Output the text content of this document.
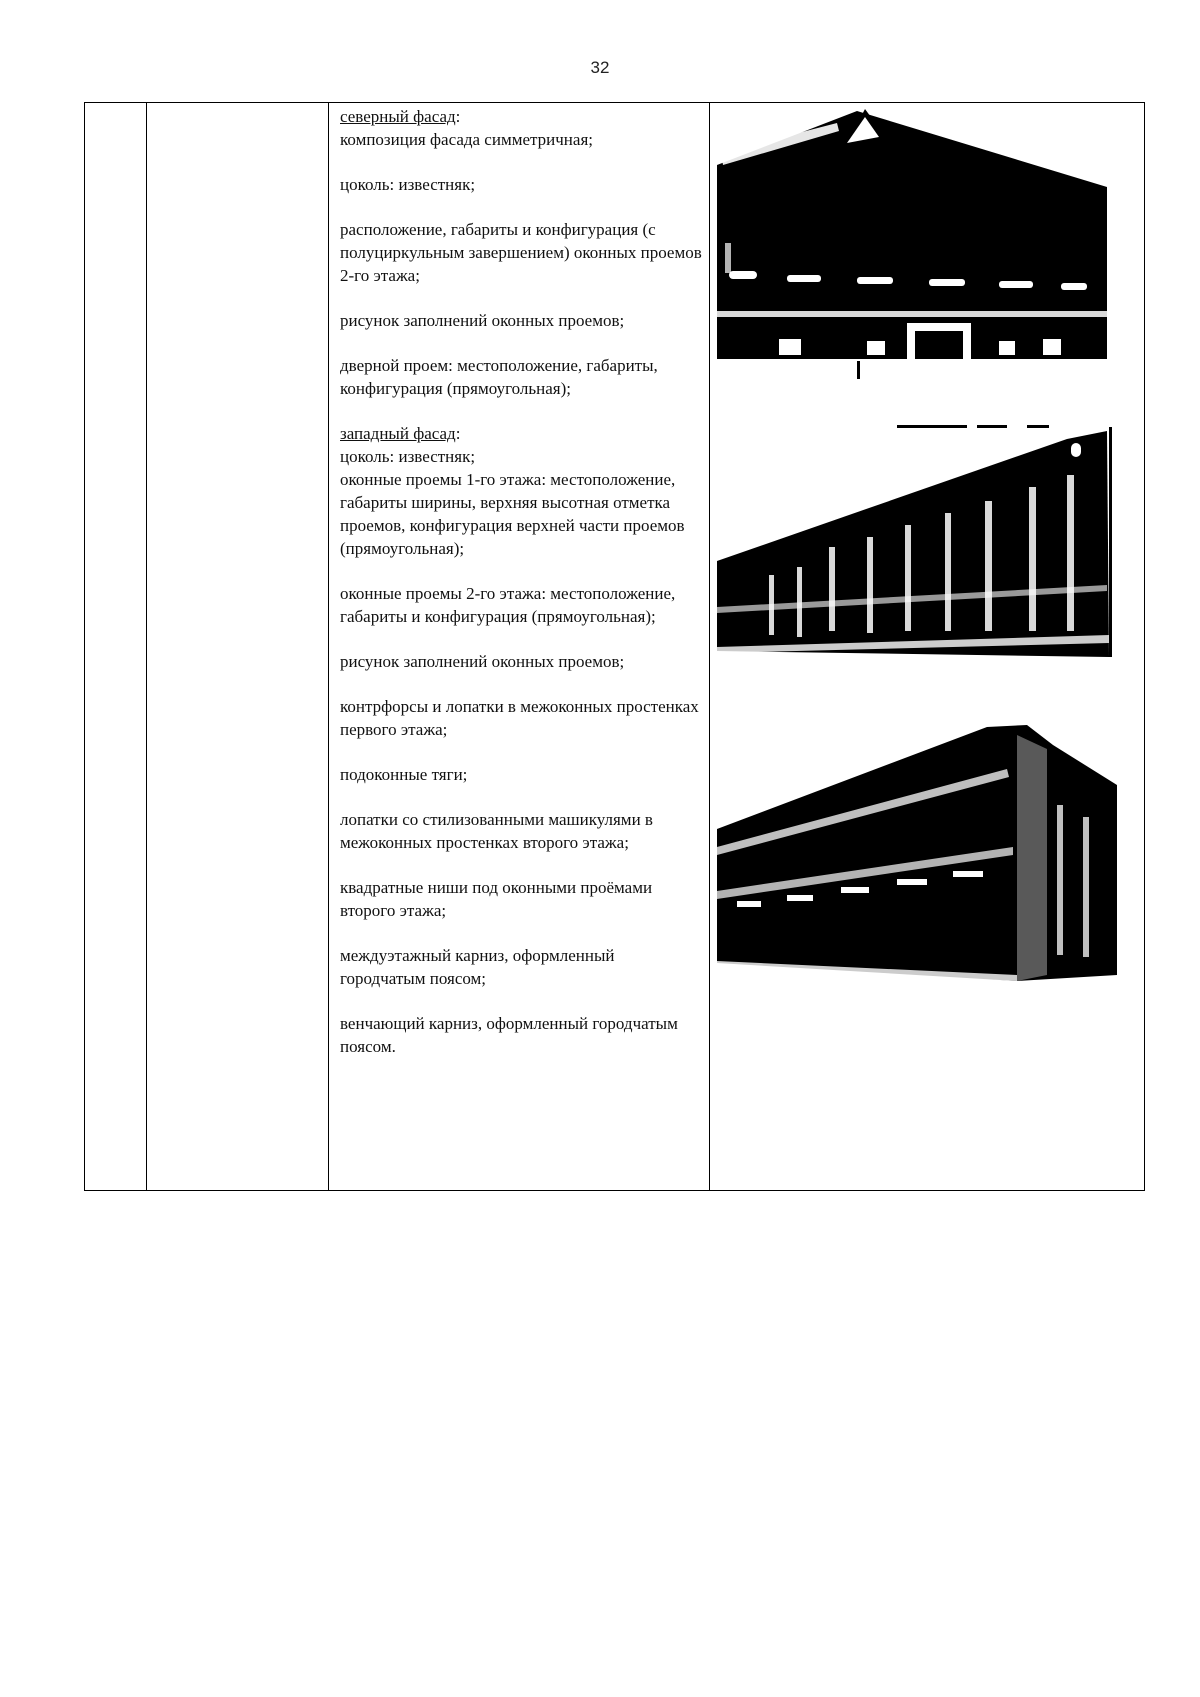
32

северный фасад:

композиция фасада симметричная;

цоколь: известняк;

расположение, габариты и конфигурация (с полуциркульным завершением) оконных проемов 2-го этажа;

рисунок заполнений оконных проемов;

дверной проем: местоположение, габариты, конфигурация (прямоугольная);

западный фасад:

цоколь: известняк;

оконные проемы 1-го этажа: местоположение, габариты ширины, верхняя высотная отметка проемов, конфигурация верхней части проемов (прямоугольная);

оконные проемы 2-го этажа: местоположение, габариты и конфигурация (прямоугольная);

рисунок заполнений оконных проемов;

контрфорсы и лопатки в межоконных простенках первого этажа;

подоконные тяги;

лопатки со стилизованными машикулями в межоконных простенках второго этажа;

квадратные ниши под оконными проёмами второго этажа;

междуэтажный карниз, оформленный городчатым поясом;

венчающий карниз, оформленный городчатым поясом.
